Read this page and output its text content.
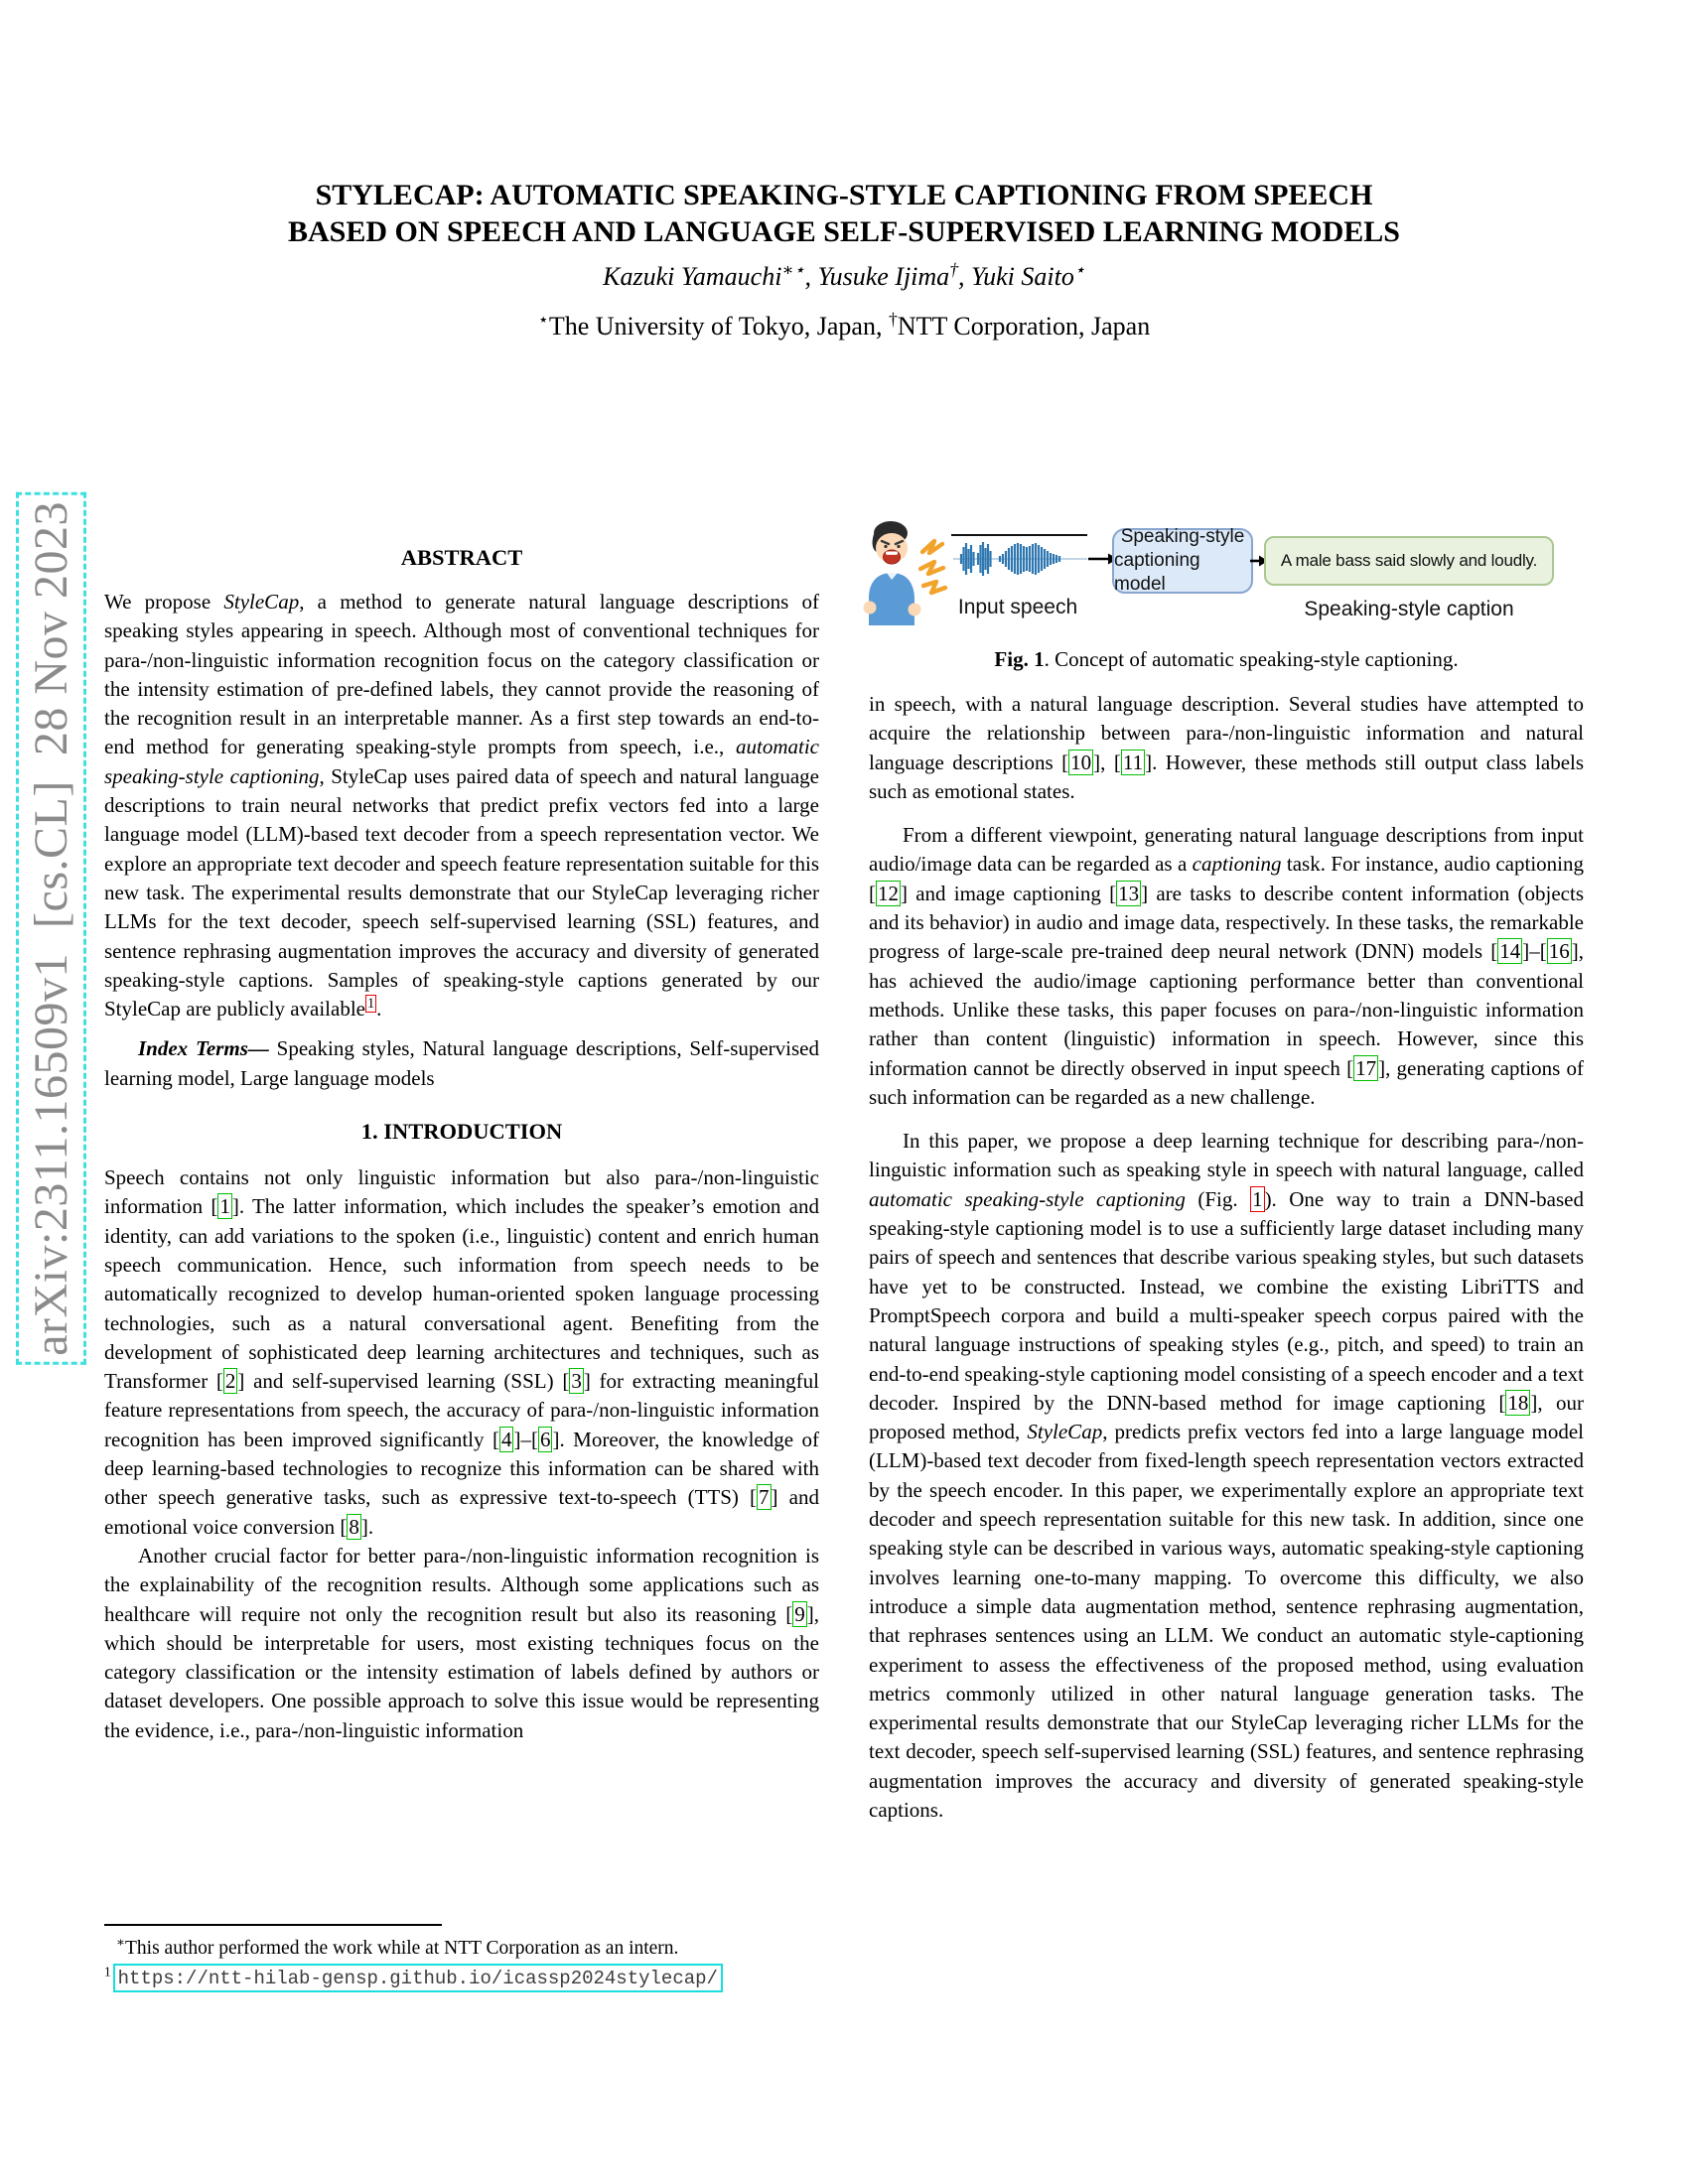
arXiv:2311.16509v1  [cs.CL]  28 Nov 2023
STYLECAP: AUTOMATIC SPEAKING-STYLE CAPTIONING FROM SPEECH
BASED ON SPEECH AND LANGUAGE SELF-SUPERVISED LEARNING MODELS
Kazuki Yamauchi∗⋆, Yusuke Ijima†, Yuki Saito⋆
⋆The University of Tokyo, Japan, †NTT Corporation, Japan
ABSTRACT

We propose StyleCap, a method to generate natural language descriptions of speaking styles appearing in speech. Although most of conventional techniques for para-/non-linguistic information recognition focus on the category classification or the intensity estimation of pre-defined labels, they cannot provide the reasoning of the recognition result in an interpretable manner. As a first step towards an end-to-end method for generating speaking-style prompts from speech, i.e., automatic speaking-style captioning, StyleCap uses paired data of speech and natural language descriptions to train neural networks that predict prefix vectors fed into a large language model (LLM)-based text decoder from a speech representation vector. We explore an appropriate text decoder and speech feature representation suitable for this new task. The experimental results demonstrate that our StyleCap leveraging richer LLMs for the text decoder, speech self-supervised learning (SSL) features, and sentence rephrasing augmentation improves the accuracy and diversity of generated speaking-style captions. Samples of speaking-style captions generated by our StyleCap are publicly available $^1$.

Index Terms— Speaking styles, Natural language descriptions, Self-supervised learning model, Large language models

1. INTRODUCTION

Speech contains not only linguistic information but also para-/non-linguistic information [1]. The latter information, which includes the speaker’s emotion and identity, can add variations to the spoken (i.e., linguistic) content and enrich human speech communication. Hence, such information from speech needs to be automatically recognized to develop human-oriented spoken language processing technologies, such as a natural conversational agent. Benefiting from the development of sophisticated deep learning architectures and techniques, such as Transformer [2] and self-supervised learning (SSL) [3] for extracting meaningful feature representations from speech, the accuracy of para-/non-linguistic information recognition has been improved significantly [4]–[6]. Moreover, the knowledge of deep learning-based technologies to recognize this information can be shared with other speech generative tasks, such as expressive text-to-speech (TTS) [7] and emotional voice conversion [8].

Another crucial factor for better para-/non-linguistic information recognition is the explainability of the recognition results. Although some applications such as healthcare will require not only the recognition result but also its reasoning [9], which should be interpretable for users, most existing techniques focus on the category classification or the intensity estimation of labels defined by authors or dataset developers. One possible approach to solve this issue would be representing the evidence, i.e., para-/non-linguistic information

Speaking-style
captioning model
A male bass said slowly and loudly.
Input speech	Speaking-style caption
Fig. 1. Concept of automatic speaking-style captioning.

in speech, with a natural language description. Several studies have attempted to acquire the relationship between para-/non-linguistic information and natural language descriptions [10], [11]. However, these methods still output class labels such as emotional states.

From a different viewpoint, generating natural language descriptions from input audio/image data can be regarded as a captioning task. For instance, audio captioning [12] and image captioning [13] are tasks to describe content information (objects and its behavior) in audio and image data, respectively. In these tasks, the remarkable progress of large-scale pre-trained deep neural network (DNN) models [14]–[16], has achieved the audio/image captioning performance better than conventional methods. Unlike these tasks, this paper focuses on para-/non-linguistic information rather than content (linguistic) information in speech. However, since this information cannot be directly observed in input speech [17], generating captions of such information can be regarded as a new challenge.

In this paper, we propose a deep learning technique for describing para-/non-linguistic information such as speaking style in speech with natural language, called automatic speaking-style captioning (Fig. 1). One way to train a DNN-based speaking-style captioning model is to use a sufficiently large dataset including many pairs of speech and sentences that describe various speaking styles, but such datasets have yet to be constructed. Instead, we combine the existing LibriTTS and PromptSpeech corpora and build a multi-speaker speech corpus paired with the natural language instructions of speaking styles (e.g., pitch, and speed) to train an end-to-end speaking-style captioning model consisting of a speech encoder and a text decoder. Inspired by the DNN-based method for image captioning [18], our proposed method, StyleCap, predicts prefix vectors fed into a large language model (LLM)-based text decoder from fixed-length speech representation vectors extracted by the speech encoder. In this paper, we experimentally explore an appropriate text decoder and speech representation suitable for this new task. In addition, since one speaking style can be described in various ways, automatic speaking-style captioning involves learning one-to-many mapping. To overcome this difficulty, we also introduce a simple data augmentation method, sentence rephrasing augmentation, that rephrases sentences using an LLM. We conduct an automatic style-captioning experiment to assess the effectiveness of the proposed method, using evaluation metrics commonly utilized in other natural language generation tasks. The experimental results demonstrate that our StyleCap leveraging richer LLMs for the text decoder, speech self-supervised learning (SSL) features, and sentence rephrasing augmentation improves the accuracy and diversity of generated speaking-style captions.

∗This author performed the work while at NTT Corporation as an intern.
$^1$ https://ntt-hilab-gensp.github.io/icassp2024stylecap/
